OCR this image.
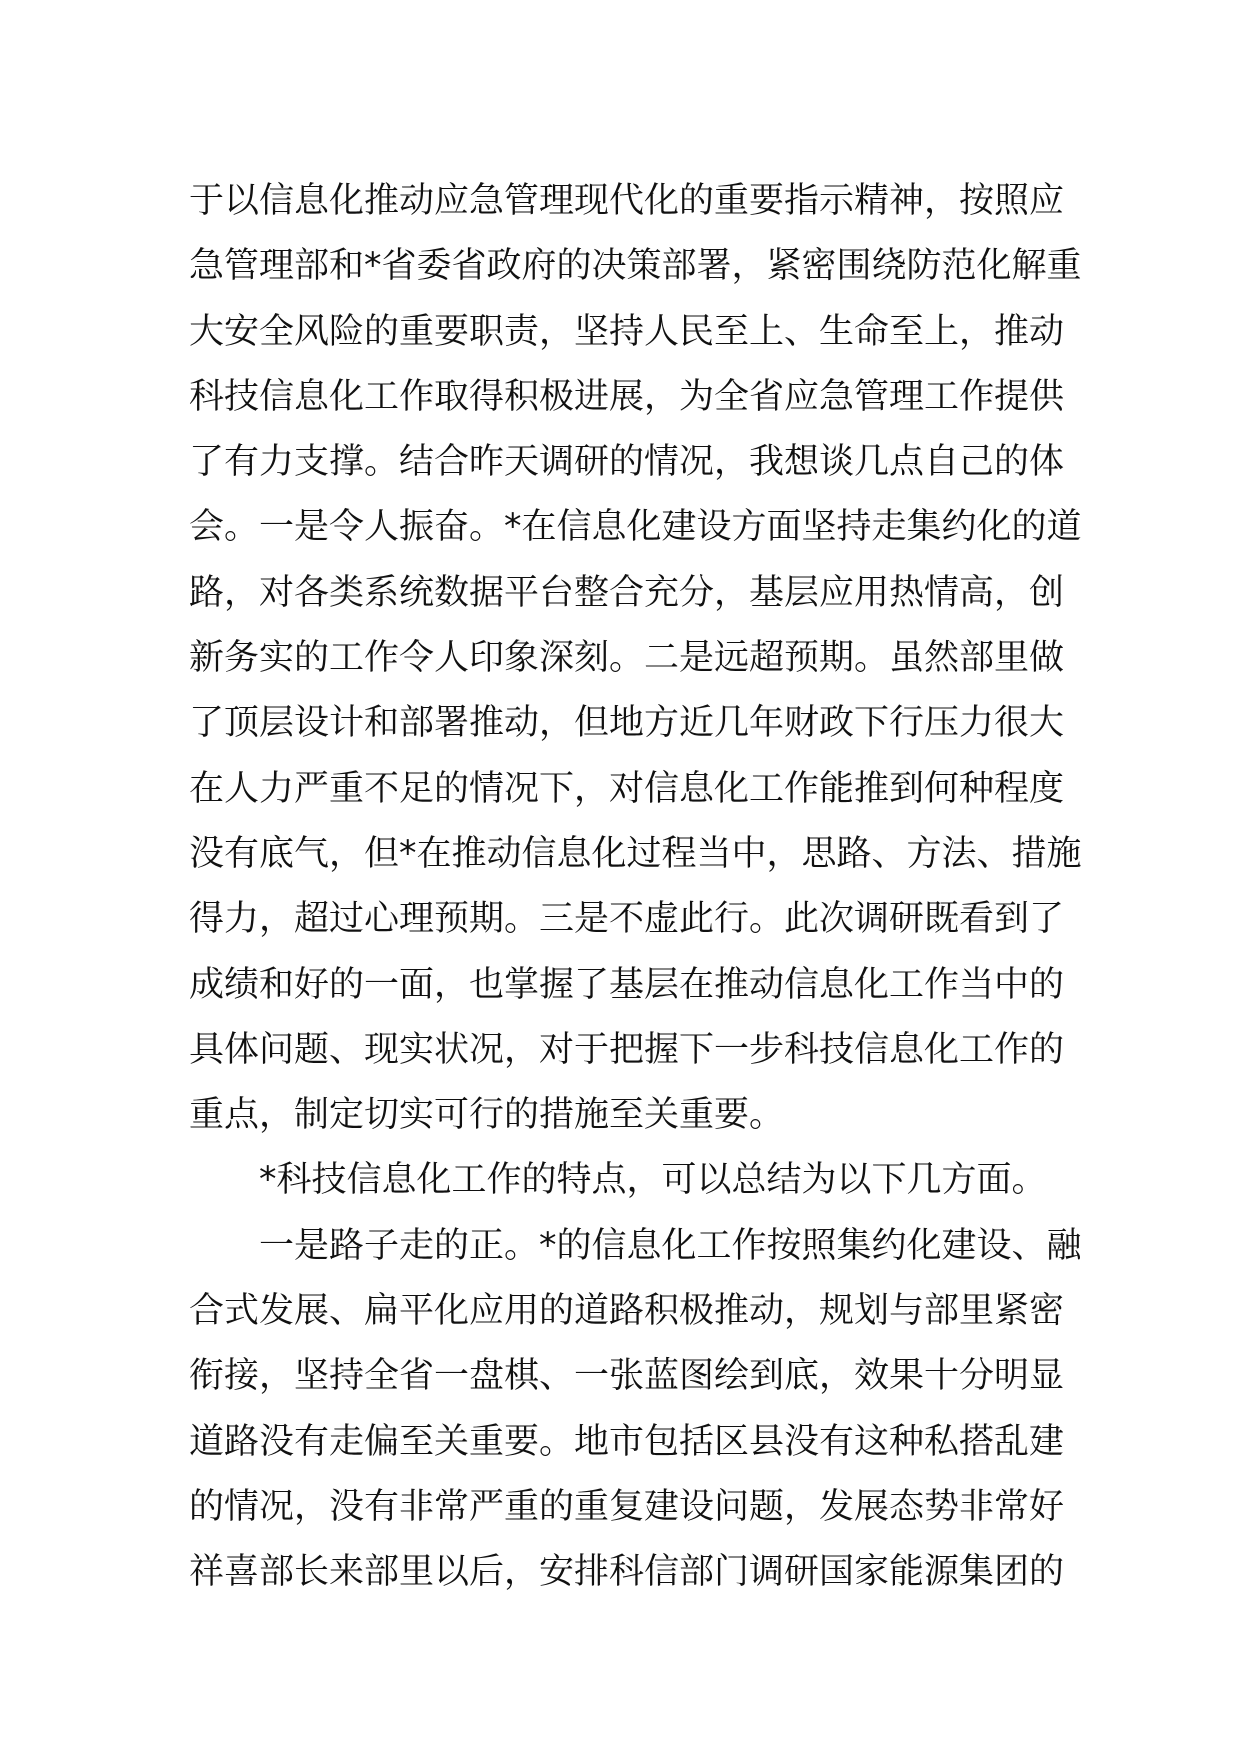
于以信息化推动应急管理现代化的重要指示精神，按照应
急管理部和*省委省政府的决策部署，紧密围绕防范化解重
大安全风险的重要职责，坚持人民至上、生命至上，推动
科技信息化工作取得积极进展，为全省应急管理工作提供
了有力支撑。结合昨天调研的情况，我想谈几点自己的体
会。一是令人振奋。*在信息化建设方面坚持走集约化的道
路，对各类系统数据平台整合充分，基层应用热情高，创
新务实的工作令人印象深刻。二是远超预期。虽然部里做
了顶层设计和部署推动，但地方近几年财政下行压力很大
在人力严重不足的情况下，对信息化工作能推到何种程度
没有底气，但*在推动信息化过程当中，思路、方法、措施
得力，超过心理预期。三是不虚此行。此次调研既看到了
成绩和好的一面，也掌握了基层在推动信息化工作当中的
具体问题、现实状况，对于把握下一步科技信息化工作的
重点，制定切实可行的措施至关重要。
*科技信息化工作的特点，可以总结为以下几方面。
一是路子走的正。*的信息化工作按照集约化建设、融
合式发展、扁平化应用的道路积极推动，规划与部里紧密
衔接，坚持全省一盘棋、一张蓝图绘到底，效果十分明显
道路没有走偏至关重要。地市包括区县没有这种私搭乱建
的情况，没有非常严重的重复建设问题，发展态势非常好
祥喜部长来部里以后，安排科信部门调研国家能源集团的
